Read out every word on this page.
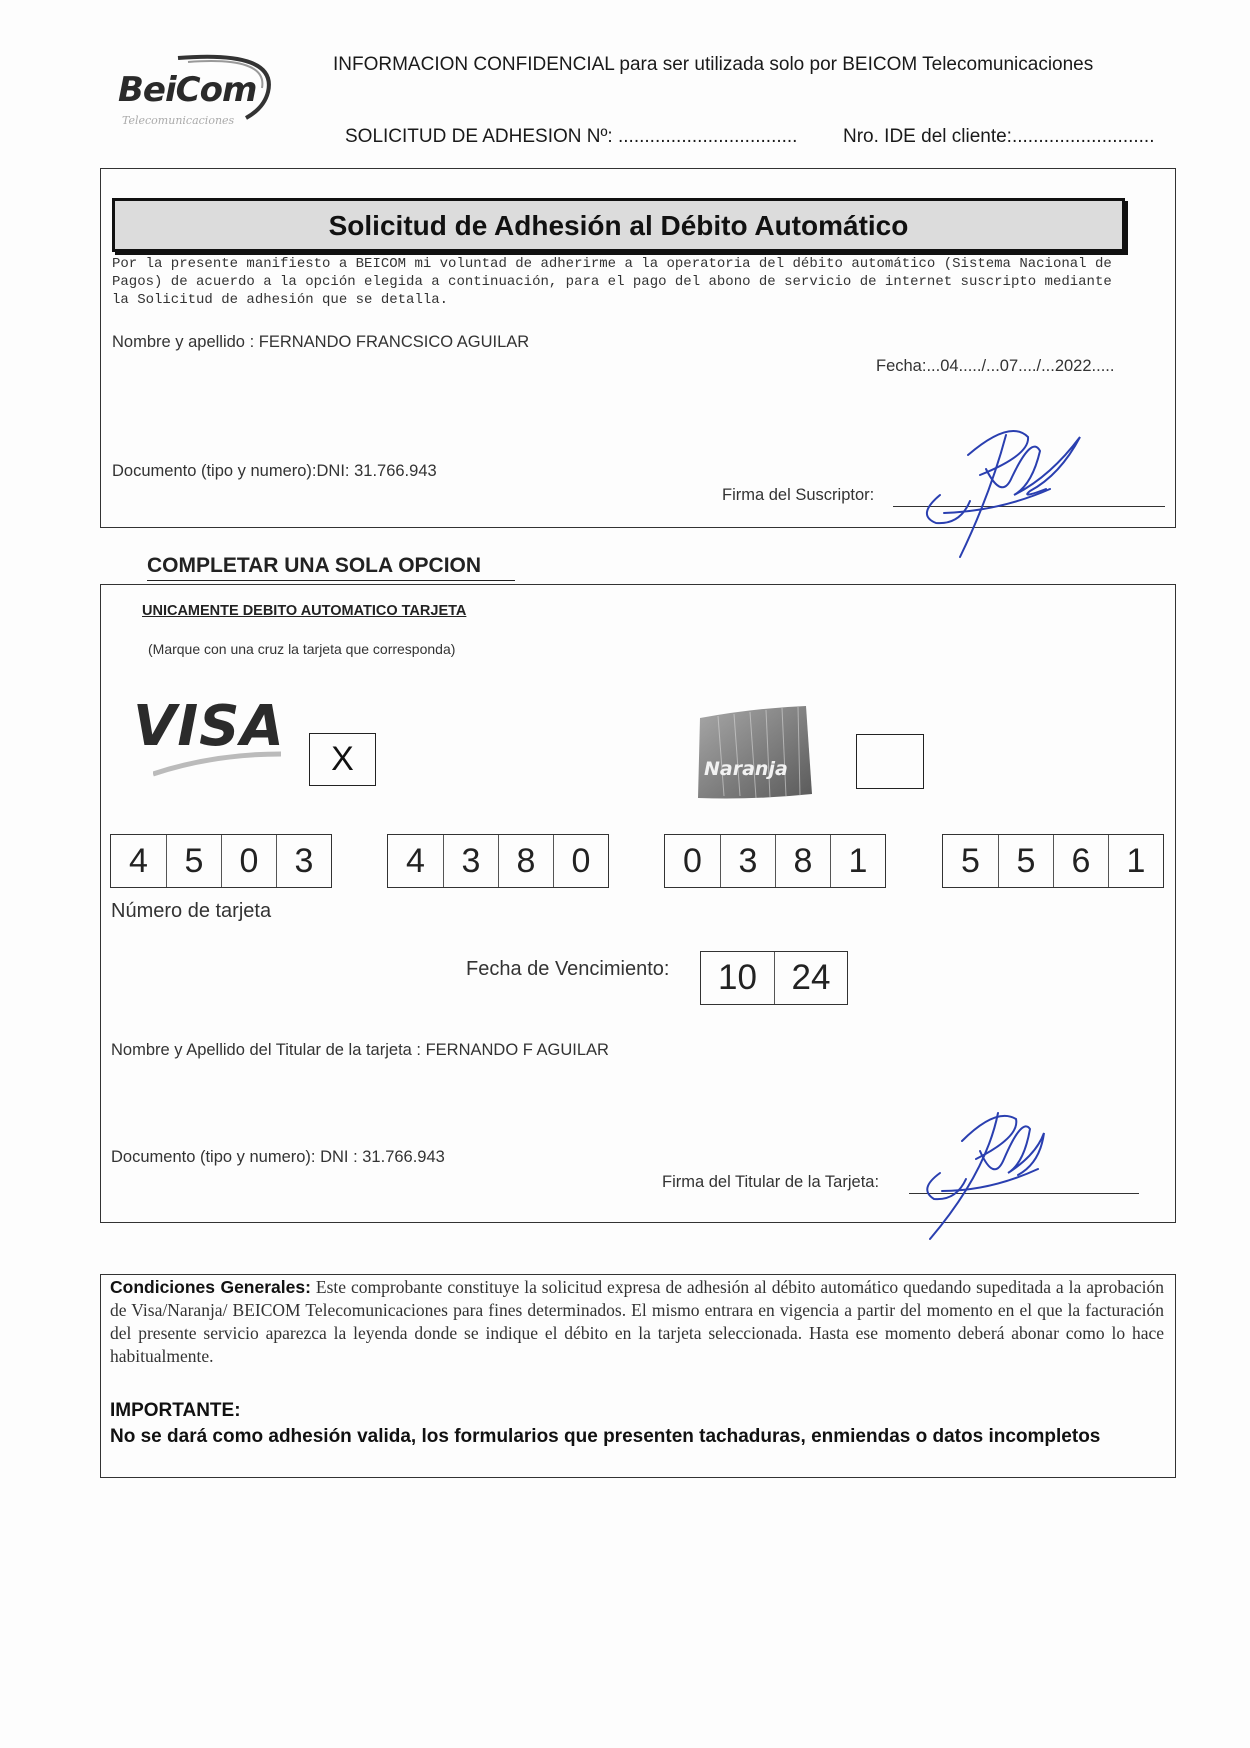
BeiCom
Telecomunicaciones
INFORMACION CONFIDENCIAL para ser utilizada solo por BEICOM Telecomunicaciones
SOLICITUD DE ADHESION Nº: .................................. Nro. IDE del cliente:...........................
Solicitud de Adhesión al Débito Automático
Por la presente manifiesto a BEICOM mi voluntad de adherirme a la operatoria del débito automático (Sistema Nacional de Pagos) de acuerdo a la opción elegida a continuación, para el pago del abono de servicio de internet suscripto mediante la Solicitud de adhesión que se detalla.
Nombre y apellido : FERNANDO FRANCSICO AGUILAR
Fecha:...04...../...07..../...2022.....
Documento (tipo y numero):DNI: 31.766.943
Firma del Suscriptor:
COMPLETAR UNA SOLA OPCION
UNICAMENTE DEBITO AUTOMATICO TARJETA
(Marque con una cruz la tarjeta que corresponda)
VISA	X	Naranja
4	5	0	3	4	3	8	0	0	3	8	1	5	5	6	1
Número de tarjeta
Fecha de Vencimiento:	10 24
Nombre y Apellido del Titular de la tarjeta : FERNANDO F AGUILAR
Documento (tipo y numero): DNI : 31.766.943
Firma del Titular de la Tarjeta:
Condiciones Generales: Este comprobante constituye la solicitud expresa de adhesión al débito automático quedando supeditada a la aprobación de Visa/Naranja/ BEICOM Telecomunicaciones para fines determinados. El mismo entrara en vigencia a partir del momento en el que la facturación del presente servicio aparezca la leyenda donde se indique el débito en la tarjeta seleccionada. Hasta ese momento deberá abonar como lo hace habitualmente.
IMPORTANTE:
No se dará como adhesión valida, los formularios que presenten tachaduras, enmiendas o datos incompletos
